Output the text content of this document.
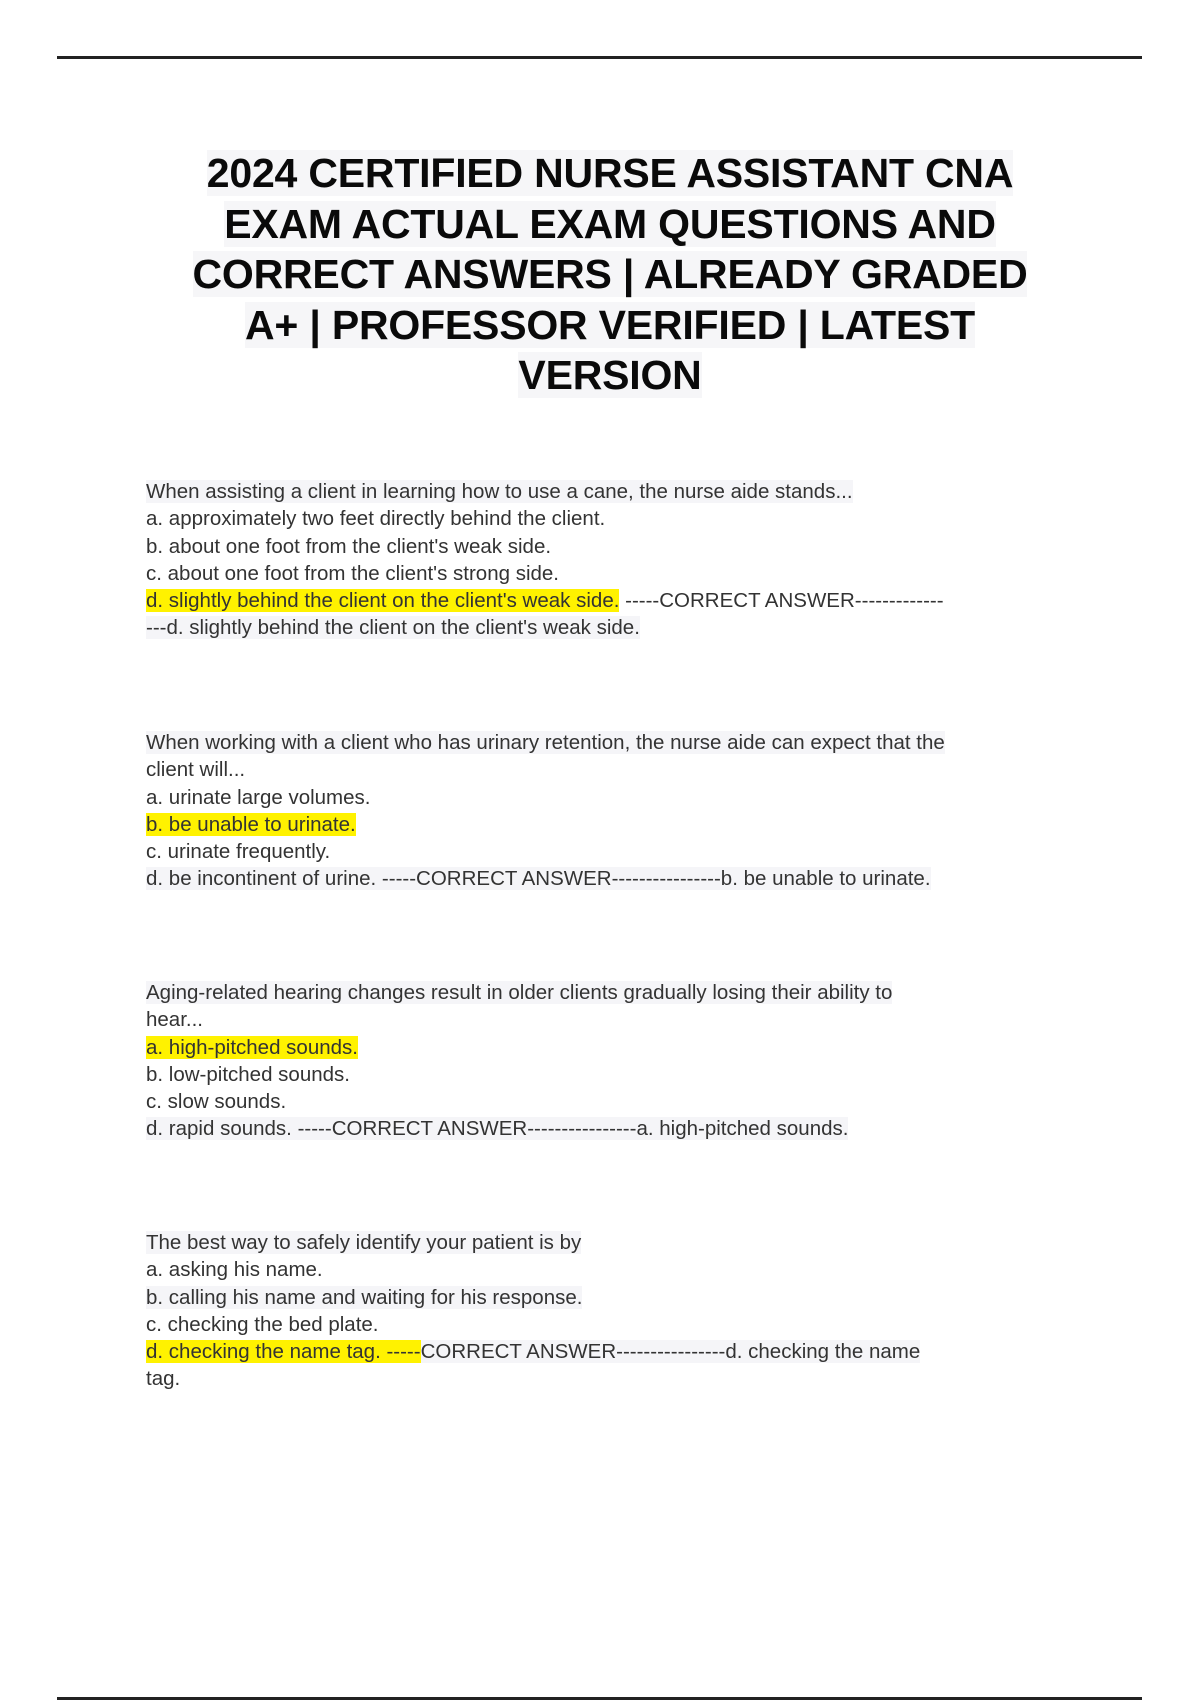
2024 CERTIFIED NURSE ASSISTANT CNA
EXAM ACTUAL EXAM QUESTIONS AND
CORRECT ANSWERS | ALREADY GRADED
A+ | PROFESSOR VERIFIED | LATEST
VERSION
When assisting a client in learning how to use a cane, the nurse aide stands...
a. approximately two feet directly behind the client.
b. about one foot from the client's weak side.
c. about one foot from the client's strong side.
d. slightly behind the client on the client's weak side. -----CORRECT ANSWER-------------
---d. slightly behind the client on the client's weak side.
When working with a client who has urinary retention, the nurse aide can expect that the
client will...
a. urinate large volumes.
b. be unable to urinate.
c. urinate frequently.
d. be incontinent of urine. -----CORRECT ANSWER----------------b. be unable to urinate.
Aging-related hearing changes result in older clients gradually losing their ability to
hear...
a. high-pitched sounds.
b. low-pitched sounds.
c. slow sounds.
d. rapid sounds. -----CORRECT ANSWER----------------a. high-pitched sounds.
The best way to safely identify your patient is by
a. asking his name.
b. calling his name and waiting for his response.
c. checking the bed plate.
d. checking the name tag. -----CORRECT ANSWER----------------d. checking the name
tag.
